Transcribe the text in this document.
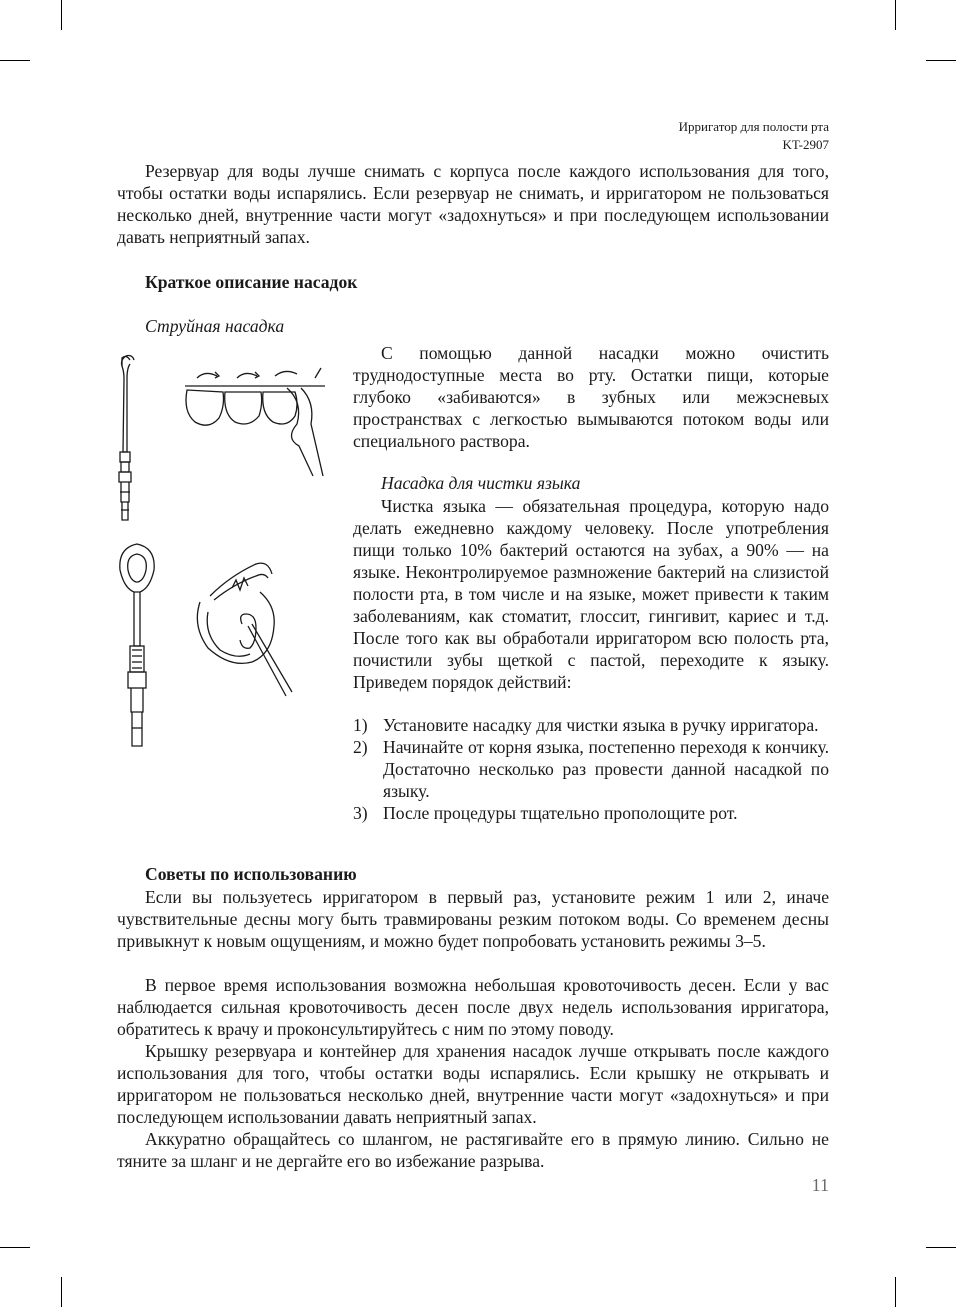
Ирригатор для полости рта
KT-2907

Резервуар для воды лучше снимать с корпуса после каждого использования для того, чтобы остатки воды испарялись. Если резервуар не снимать, и ирригатором не пользоваться несколько дней, внутренние части могут «задохнуться» и при последующем использовании давать неприятный запах.

Краткое описание насадок
Струйная насадка

С помощью данной насадки можно очистить труднодоступные места во рту. Остатки пищи, которые глубоко «забиваются» в зубных или межэсневых пространствах с легкостью вымываются потоком воды или специального раствора.

Насадка для чистки языка

Чистка языка — обязательная процедура, которую надо делать ежедневно каждому человеку. После употребления пищи только 10% бактерий остаются на зубах, а 90% — на языке. Неконтролируемое размножение бактерий на слизистой полости рта, в том числе и на языке, может привести к таким заболеваниям, как стоматит, глоссит, гингивит, кариес и т.д. После того как вы обработали ирригатором всю полость рта, почистили зубы щеткой с пастой, переходите к языку. Приведем порядок действий:

1) Установите насадку для чистки языка в ручку ирригатора.
2) Начинайте от корня языка, постепенно переходя к кончику. Достаточно несколько раз провести данной насадкой по языку.
3) После процедуры тщательно прополощите рот.
Советы по использованию

Если вы пользуетесь ирригатором в первый раз, установите режим 1 или 2, иначе чувствительные десны могу быть травмированы резким потоком воды. Со временем десны привыкнут к новым ощущениям, и можно будет попробовать установить режимы 3–5.

В первое время использования возможна небольшая кровоточивость десен. Если у вас наблюдается сильная кровоточивость десен после двух недель использования ирригатора, обратитесь к врачу и проконсультируйтесь с ним по этому поводу.

Крышку резервуара и контейнер для хранения насадок лучше открывать после каждого использования для того, чтобы остатки воды испарялись. Если крышку не открывать и ирригатором не пользоваться несколько дней, внутренние части могут «задохнуться» и при последующем использовании давать неприятный запах.

Аккуратно обращайтесь со шлангом, не растягивайте его в прямую линию. Сильно не тяните за шланг и не дергайте его во избежание разрыва.

11
